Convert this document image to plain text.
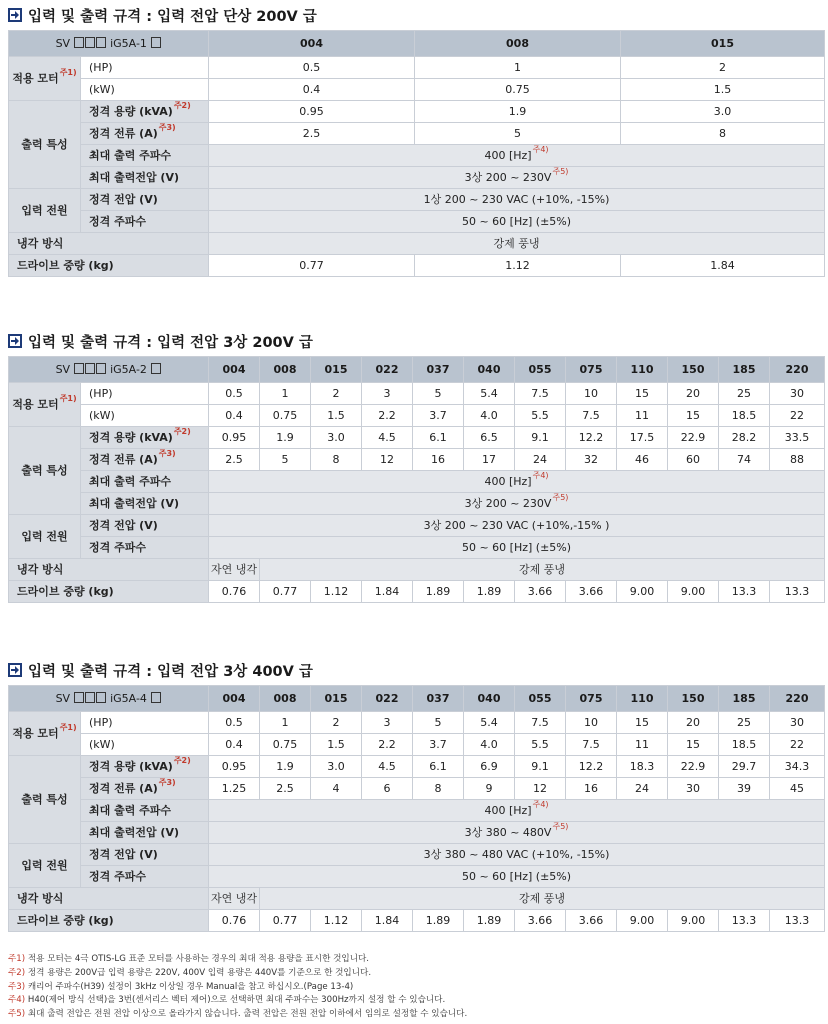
입력 및 출력 규격 : 입력 전압 단상 200V 급
SV iG5A-1		004	008	015
적용 모터$^{주1)}$	(HP)	0.5	1	2
	(kW)	0.4	0.75	1.5
출력 특성	정격 용량 (kVA)$^{주2)}$	0.95	1.9	3.0
	정격 전류 (A)$^{주3)}$	2.5	5	8
	최대 출력 주파수	400 [Hz]$^{주4)}$
	최대 출력전압 (V)	3상 200 ~ 230V$^{주5)}$
입력 전원	정격 전압 (V)	1상 200 ~ 230 VAC (+10%, -15%)		
	정격 주파수	50 ~ 60 [Hz] (±5%)		
냉각 방식		강제 풍냉		
드라이브 중량 (kg)		0.77	1.12	1.84
입력 및 출력 규격 : 입력 전압 3상 200V 급
SV iG5A-2		004	008	015	022	037	040	055	075	110	150	185	220
적용 모터$^{주1)}$	(HP)	0.5	1	2	3	5	5.4	7.5	10	15	20	25	30
	(kW)	0.4	0.75	1.5	2.2	3.7	4.0	5.5	7.5	11	15	18.5	22
출력 특성	정격 용량 (kVA)$^{주2)}$	0.95	1.9	3.0	4.5	6.1	6.5	9.1	12.2	17.5	22.9	28.2	33.5
	정격 전류 (A)$^{주3)}$	2.5	5	8	12	16	17	24	32	46	60	74	88
	최대 출력 주파수	400 [Hz]$^{주4)}$
	최대 출력전압 (V)	3상 200 ~ 230V$^{주5)}$
입력 전원	정격 전압 (V)	3상 200 ~ 230 VAC (+10%,-15% )											
	정격 주파수	50 ~ 60 [Hz] (±5%)											
냉각 방식		자연 냉각	강제 풍냉										
드라이브 중량 (kg)		0.76	0.77	1.12	1.84	1.89	1.89	3.66	3.66	9.00	9.00	13.3	13.3
입력 및 출력 규격 : 입력 전압 3상 400V 급
SV iG5A-4		004	008	015	022	037	040	055	075	110	150	185	220
적용 모터$^{주1)}$	(HP)	0.5	1	2	3	5	5.4	7.5	10	15	20	25	30
	(kW)	0.4	0.75	1.5	2.2	3.7	4.0	5.5	7.5	11	15	18.5	22
출력 특성	정격 용량 (kVA)$^{주2)}$	0.95	1.9	3.0	4.5	6.1	6.9	9.1	12.2	18.3	22.9	29.7	34.3
	정격 전류 (A)$^{주3)}$	1.25	2.5	4	6	8	9	12	16	24	30	39	45
	최대 출력 주파수	400 [Hz]$^{주4)}$
	최대 출력전압 (V)	3상 380 ~ 480V$^{주5)}$
입력 전원	정격 전압 (V)	3상 380 ~ 480 VAC (+10%, -15%)											
	정격 주파수	50 ~ 60 [Hz] (±5%)											
냉각 방식		자연 냉각	강제 풍냉										
드라이브 중량 (kg)		0.76	0.77	1.12	1.84	1.89	1.89	3.66	3.66	9.00	9.00	13.3	13.3
주1) 적용 모터는 4극 OTIS-LG 표준 모터를 사용하는 경우의 최대 적용 용량을 표시한 것입니다.
주2) 정격 용량은 200V급 입력 용량은 220V, 400V 입력 용량은 440V를 기준으로 한 것입니다.
주3) 캐리어 주파수(H39) 설정이 3kHz 이상일 경우 Manual을 참고 하십시오.(Page 13-4)
주4) H40(제어 방식 선택)을 3번(센서리스 벡터 제어)으로 선택하면 최대 주파수는 300Hz까지 설정 할 수 있습니다.
주5) 최대 출력 전압은 전원 전압 이상으로 올라가지 않습니다. 출력 전압은 전원 전압 이하에서 임의로 설정할 수 있습니다.
